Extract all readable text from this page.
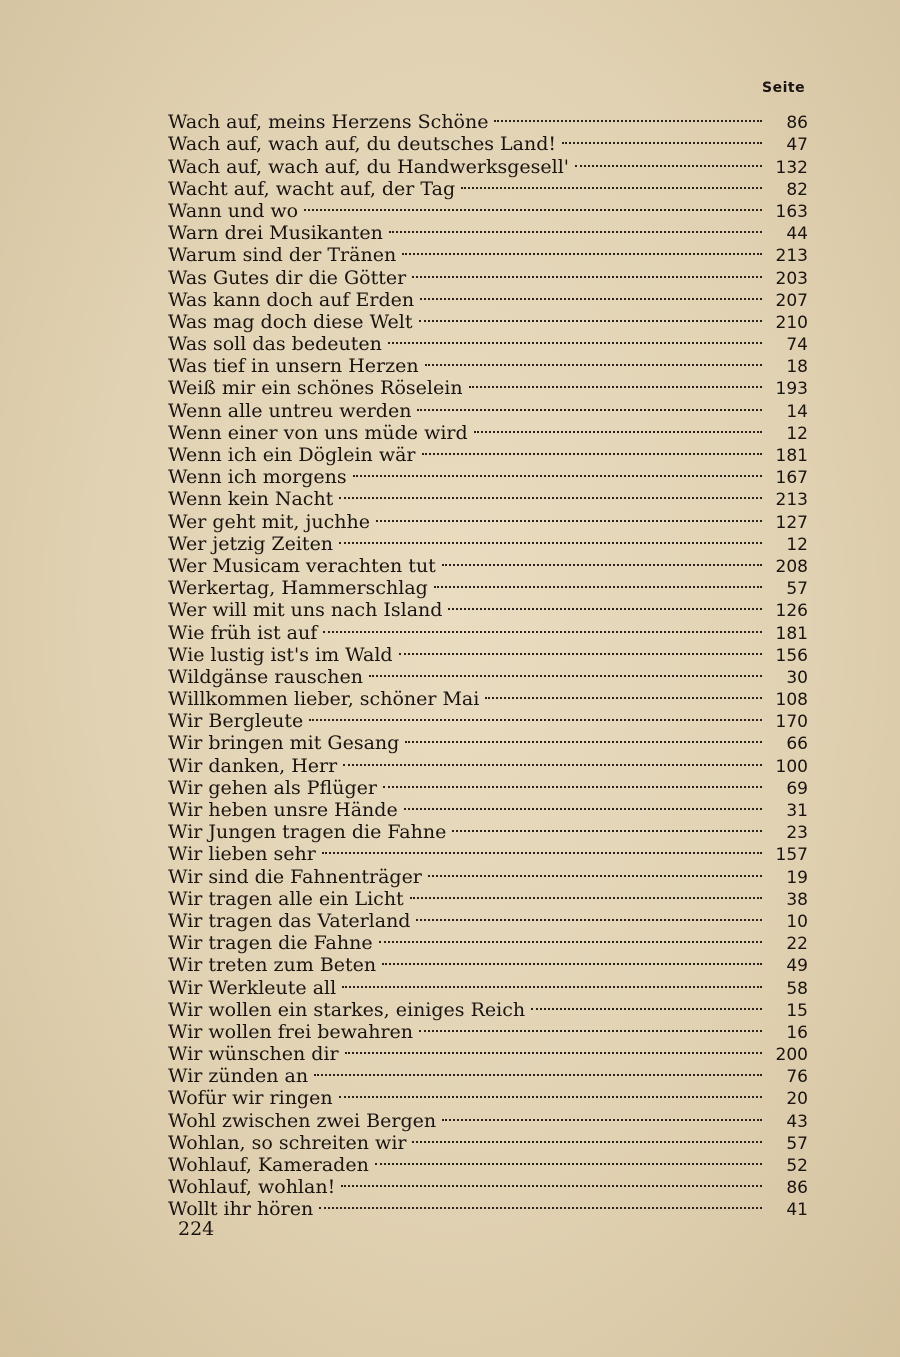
Seite
Wach auf, meins Herzens Schöne	86
Wach auf, wach auf, du deutsches Land!	47
Wach auf, wach auf, du Handwerksgesell'	132
Wacht auf, wacht auf, der Tag	82
Wann und wo	163
Warn drei Musikanten	44
Warum sind der Tränen	213
Was Gutes dir die Götter	203
Was kann doch auf Erden	207
Was mag doch diese Welt	210
Was soll das bedeuten	74
Was tief in unsern Herzen	18
Weiß mir ein schönes Röselein	193
Wenn alle untreu werden	14
Wenn einer von uns müde wird	12
Wenn ich ein Döglein wär	181
Wenn ich morgens	167
Wenn kein Nacht	213
Wer geht mit, juchhe	127
Wer jetzig Zeiten	12
Wer Musicam verachten tut	208
Werkertag, Hammerschlag	57
Wer will mit uns nach Island	126
Wie früh ist auf	181
Wie lustig ist's im Wald	156
Wildgänse rauschen	30
Willkommen lieber, schöner Mai	108
Wir Bergleute	170
Wir bringen mit Gesang	66
Wir danken, Herr	100
Wir gehen als Pflüger	69
Wir heben unsre Hände	31
Wir Jungen tragen die Fahne	23
Wir lieben sehr	157
Wir sind die Fahnenträger	19
Wir tragen alle ein Licht	38
Wir tragen das Vaterland	10
Wir tragen die Fahne	22
Wir treten zum Beten	49
Wir Werkleute all	58
Wir wollen ein starkes, einiges Reich	15
Wir wollen frei bewahren	16
Wir wünschen dir	200
Wir zünden an	76
Wofür wir ringen	20
Wohl zwischen zwei Bergen	43
Wohlan, so schreiten wir	57
Wohlauf, Kameraden	52
Wohlauf, wohlan!	86
Wollt ihr hören	41
224
